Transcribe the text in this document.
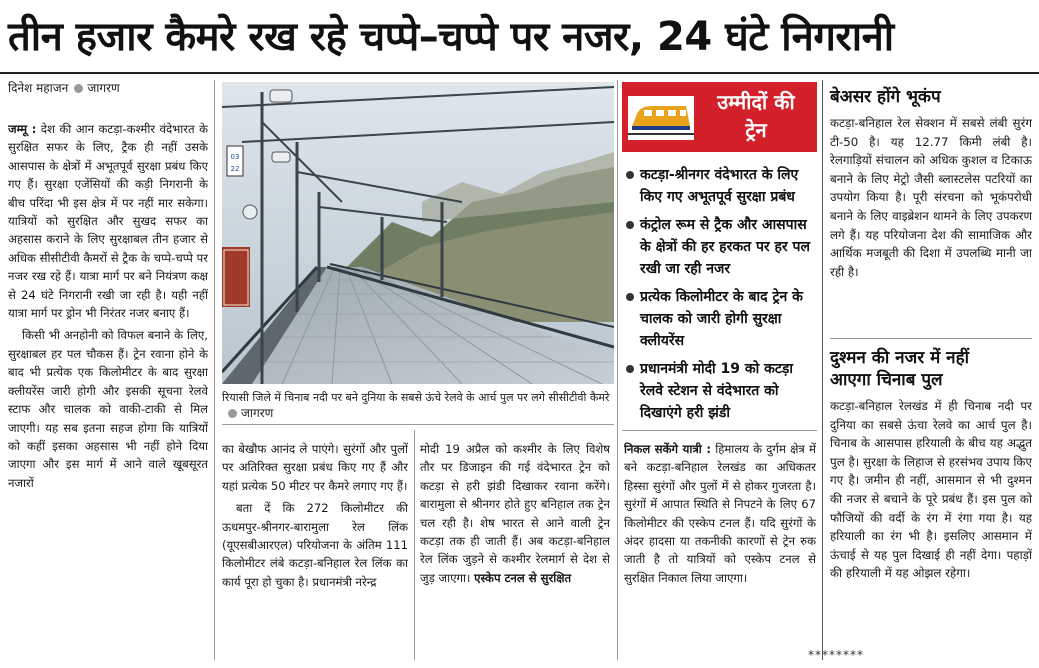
तीन हजार कैमरे रख रहे चप्पे–चप्पे पर नजर, 24 घंटे निगरानी
दिनेश महाजन जागरण

जम्मू : देश की आन कटड़ा-कश्मीर वंदेभारत के सुरक्षित सफर के लिए, ट्रैक ही नहीं उसके आसपास के क्षेत्रों में अभूतपूर्व सुरक्षा प्रबंध किए गए हैं। सुरक्षा एजेंसियों की कड़ी निगरानी के बीच परिंदा भी इस क्षेत्र में पर नहीं मार सकेगा। यात्रियों को सुरक्षित और सुखद सफर का अहसास कराने के लिए सुरक्षाबल तीन हजार से अधिक सीसीटीवी कैमरों से ट्रैक के चप्पे-चप्पे पर नजर रख रहे हैं। यात्रा मार्ग पर बने नियंत्रण कक्ष से 24 घंटे निगरानी रखी जा रही है। यही नहीं यात्रा मार्ग पर ड्रोन भी निरंतर नजर बनाए हैं।

किसी भी अनहोनी को विफल बनाने के लिए, सुरक्षाबल हर पल चौकस हैं। ट्रेन रवाना होने के बाद भी प्रत्येक एक किलोमीटर के बाद सुरक्षा क्लीयरेंस जारी होगी और इसकी सूचना रेलवे स्टाफ और चालक को वाकी-टाकी से मिल जाएगी। यह सब इतना सहज होगा कि यात्रियों को कहीं इसका अहसास भी नहीं होने दिया जाएगा और इस मार्ग में आने वाले खूबसूरत नजारों

03
22
रियासी जिले में चिनाब नदी पर बने दुनिया के सबसे ऊंचे रेलवे के आर्च पुल पर लगे सीसीटीवी कैमरेजागरण

का बेखौफ आनंद ले पाएंगे। सुरंगों और पुलों पर अतिरिक्त सुरक्षा प्रबंध किए गए हैं और यहां प्रत्येक 50 मीटर पर कैमरे लगाए गए हैं।

बता दें कि 272 किलोमीटर की ऊधमपुर-श्रीनगर-बारामुला रेल लिंक (यूएसबीआरएल) परियोजना के अंतिम 111 किलोमीटर लंबे कटड़ा-बनिहाल रेल लिंक का कार्य पूरा हो चुका है। प्रधानमंत्री नरेन्द्र

मोदी 19 अप्रैल को कश्मीर के लिए विशेष तौर पर डिजाइन की गई वंदेभारत ट्रेन को कटड़ा से हरी झंडी दिखाकर रवाना करेंगे। बारामुला से श्रीनगर होते हुए बनिहाल तक ट्रेन चल रही है। शेष भारत से आने वाली ट्रेन कटड़ा तक ही जाती हैं। अब कटड़ा-बनिहाल रेल लिंक जुड़ने से कश्मीर रेलमार्ग से देश से जुड़ जाएगा। एस्केप टनल से सुरक्षित

उम्मीदों की
ट्रेन
कटड़ा-श्रीनगर वंदेभारत के लिए किए गए अभूतपूर्व सुरक्षा प्रबंध
कंट्रोल रूम से ट्रैक और आसपास के क्षेत्रों की हर हरकत पर हर पल रखी जा रही नजर
प्रत्येक किलोमीटर के बाद ट्रेन के चालक को जारी होगी सुरक्षा क्लीयरेंस
प्रधानमंत्री मोदी 19 को कटड़ा रेलवे स्टेशन से वंदेभारत को दिखाएंगे हरी झंडी

निकल सकेंगे यात्री : हिमालय के दुर्गम क्षेत्र में बने कटड़ा-बनिहाल रेलखंड का अधिकतर हिस्सा सुरंगों और पुलों में से होकर गुजरता है। सुरंगों में आपात स्थिति से निपटने के लिए 67 किलोमीटर की एस्केप टनल हैं। यदि सुरंगों के अंदर हादसा या तकनीकी कारणों से ट्रेन रुक जाती है तो यात्रियों को एस्केप टनल से सुरक्षित निकाल लिया जाएगा।

बेअसर होंगे भूकंप
कटड़ा-बनिहाल रेल सेक्शन में सबसे लंबी सुरंग टी-50 है। यह 12.77 किमी लंबी है। रेलगाड़ियों संचालन को अधिक कुशल व टिकाऊ बनाने के लिए मेट्रो जैसी ब्लास्टलेस पटरियों का उपयोग किया है। पूरी संरचना को भूकंपरोधी बनाने के लिए वाइब्रेशन थामने के लिए उपकरण लगे हैं। यह परियोजना देश की सामाजिक और आर्थिक मजबूती की दिशा में उपलब्धि मानी जा रही है।
दुश्मन की नजर में नहीं
आएगा चिनाब पुल
कटड़ा-बनिहाल रेलखंड में ही चिनाब नदी पर दुनिया का सबसे ऊंचा रेलवे का आर्च पुल है। चिनाब के आसपास हरियाली के बीच यह अद्भुत पुल है। सुरक्षा के लिहाज से हरसंभव उपाय किए गए है। जमीन ही नहीं, आसमान से भी दुश्मन की नजर से बचाने के पूरे प्रबंध हैं। इस पुल को फौजियों की वर्दी के रंग में रंगा गया है। यह हरियाली का रंग भी है। इसलिए आसमान में ऊंचाई से यह पुल दिखाई ही नहीं देगा। पहाड़ों की हरियाली में यह ओझल रहेगा।
********
